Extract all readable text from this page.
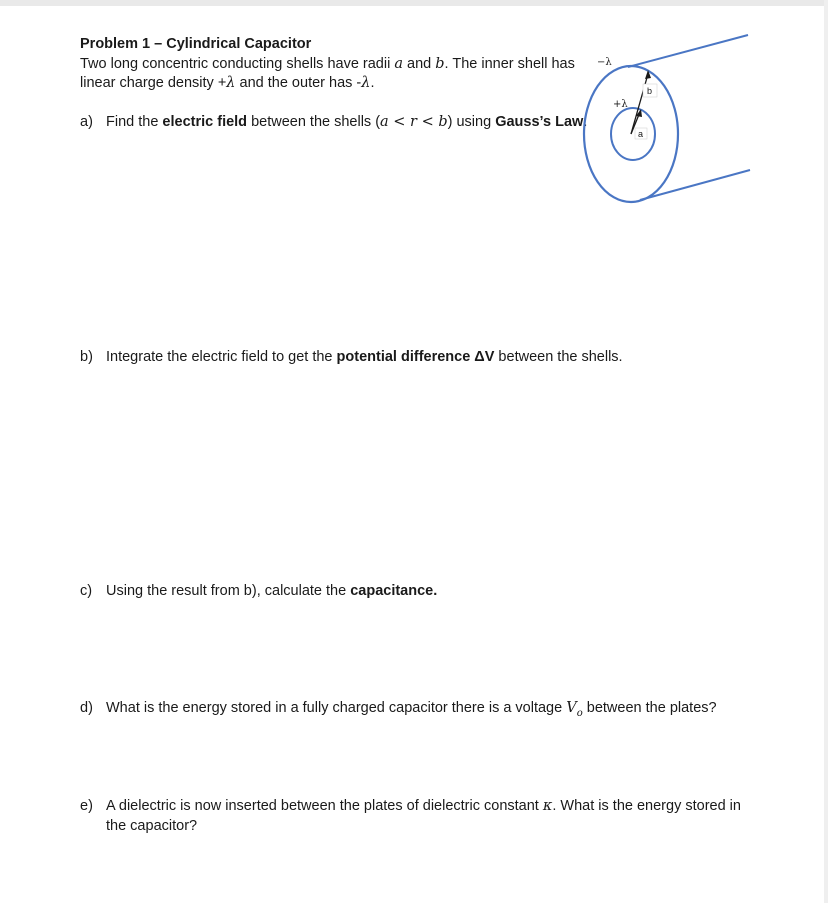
Problem 1 – Cylindrical Capacitor
Two long concentric conducting shells have radii a and b. The inner shell has
linear charge density +λ and the outer has -λ.
a) Find the electric field between the shells (a < r < b) using Gauss’s Law.
b) Integrate the electric field to get the potential difference ΔV between the shells.
c) Using the result from b), calculate the capacitance.
d) What is the energy stored in a fully charged capacitor there is a voltage $V_o$ between the plates?
e) A dielectric is now inserted between the plates of dielectric constant κ. What is the energy stored in
the capacitor?
−λ
+λ
b
a
